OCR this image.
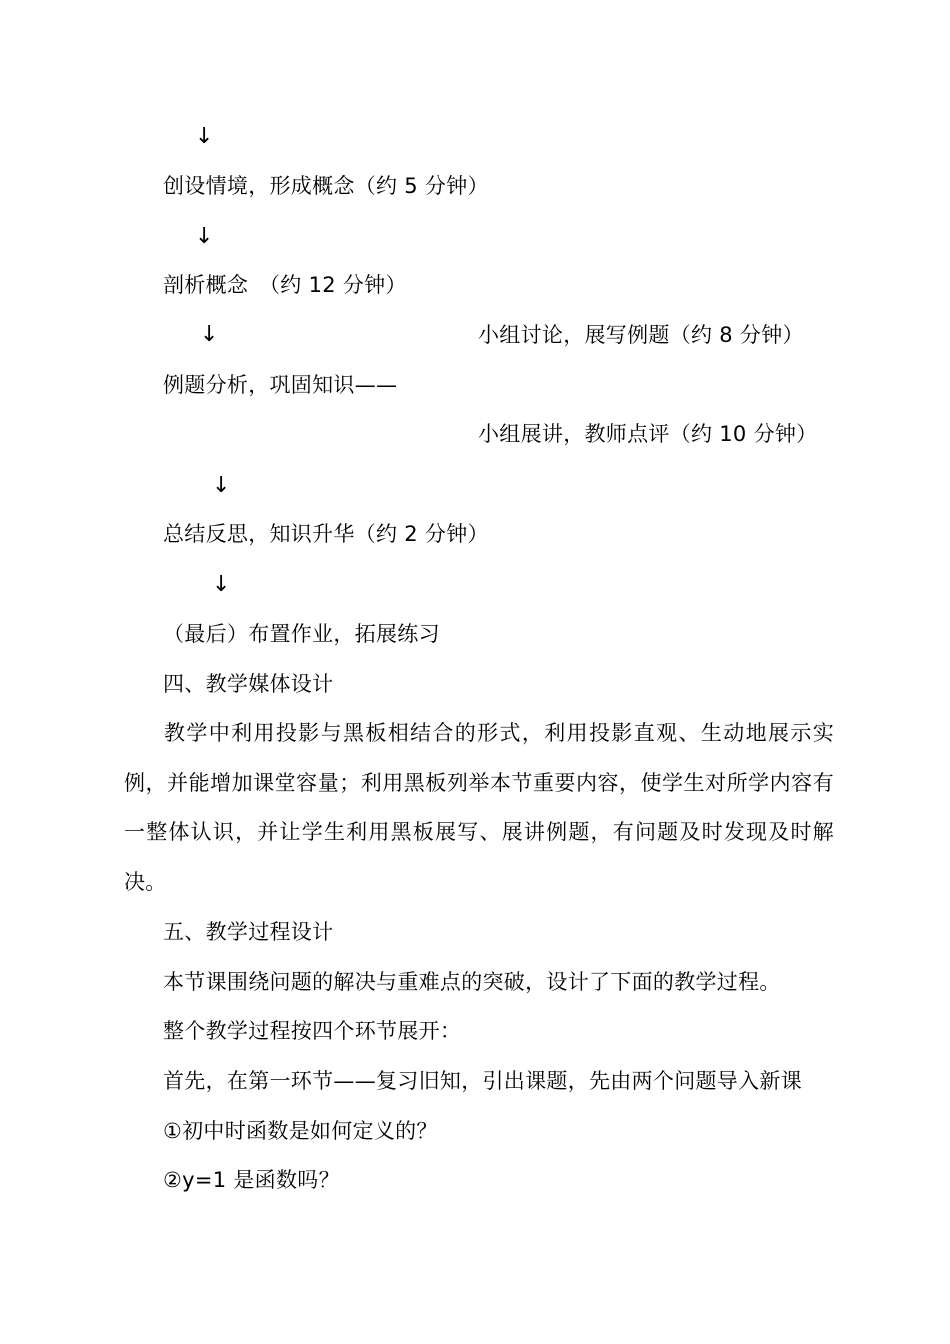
↓
创设情境，形成概念（约 5 分钟）
↓
剖析概念　（约 12 分钟）
↓	小组讨论，展写例题（约 8 分钟）
例题分析，巩固知识——
小组展讲，教师点评（约 10 分钟）
↓
总结反思，知识升华（约 2 分钟）
↓
（最后）布置作业，拓展练习
四、教学媒体设计
教学中利用投影与黑板相结合的形式，利用投影直观、生动地展示实例，并能增加课堂容量；利用黑板列举本节重要内容，使学生对所学内容有一整体认识，并让学生利用黑板展写、展讲例题，有问题及时发现及时解决。
五、教学过程设计
本节课围绕问题的解决与重难点的突破，设计了下面的教学过程。
整个教学过程按四个环节展开：
首先，在第一环节——复习旧知，引出课题，先由两个问题导入新课
①初中时函数是如何定义的？
②y=1 是函数吗？
